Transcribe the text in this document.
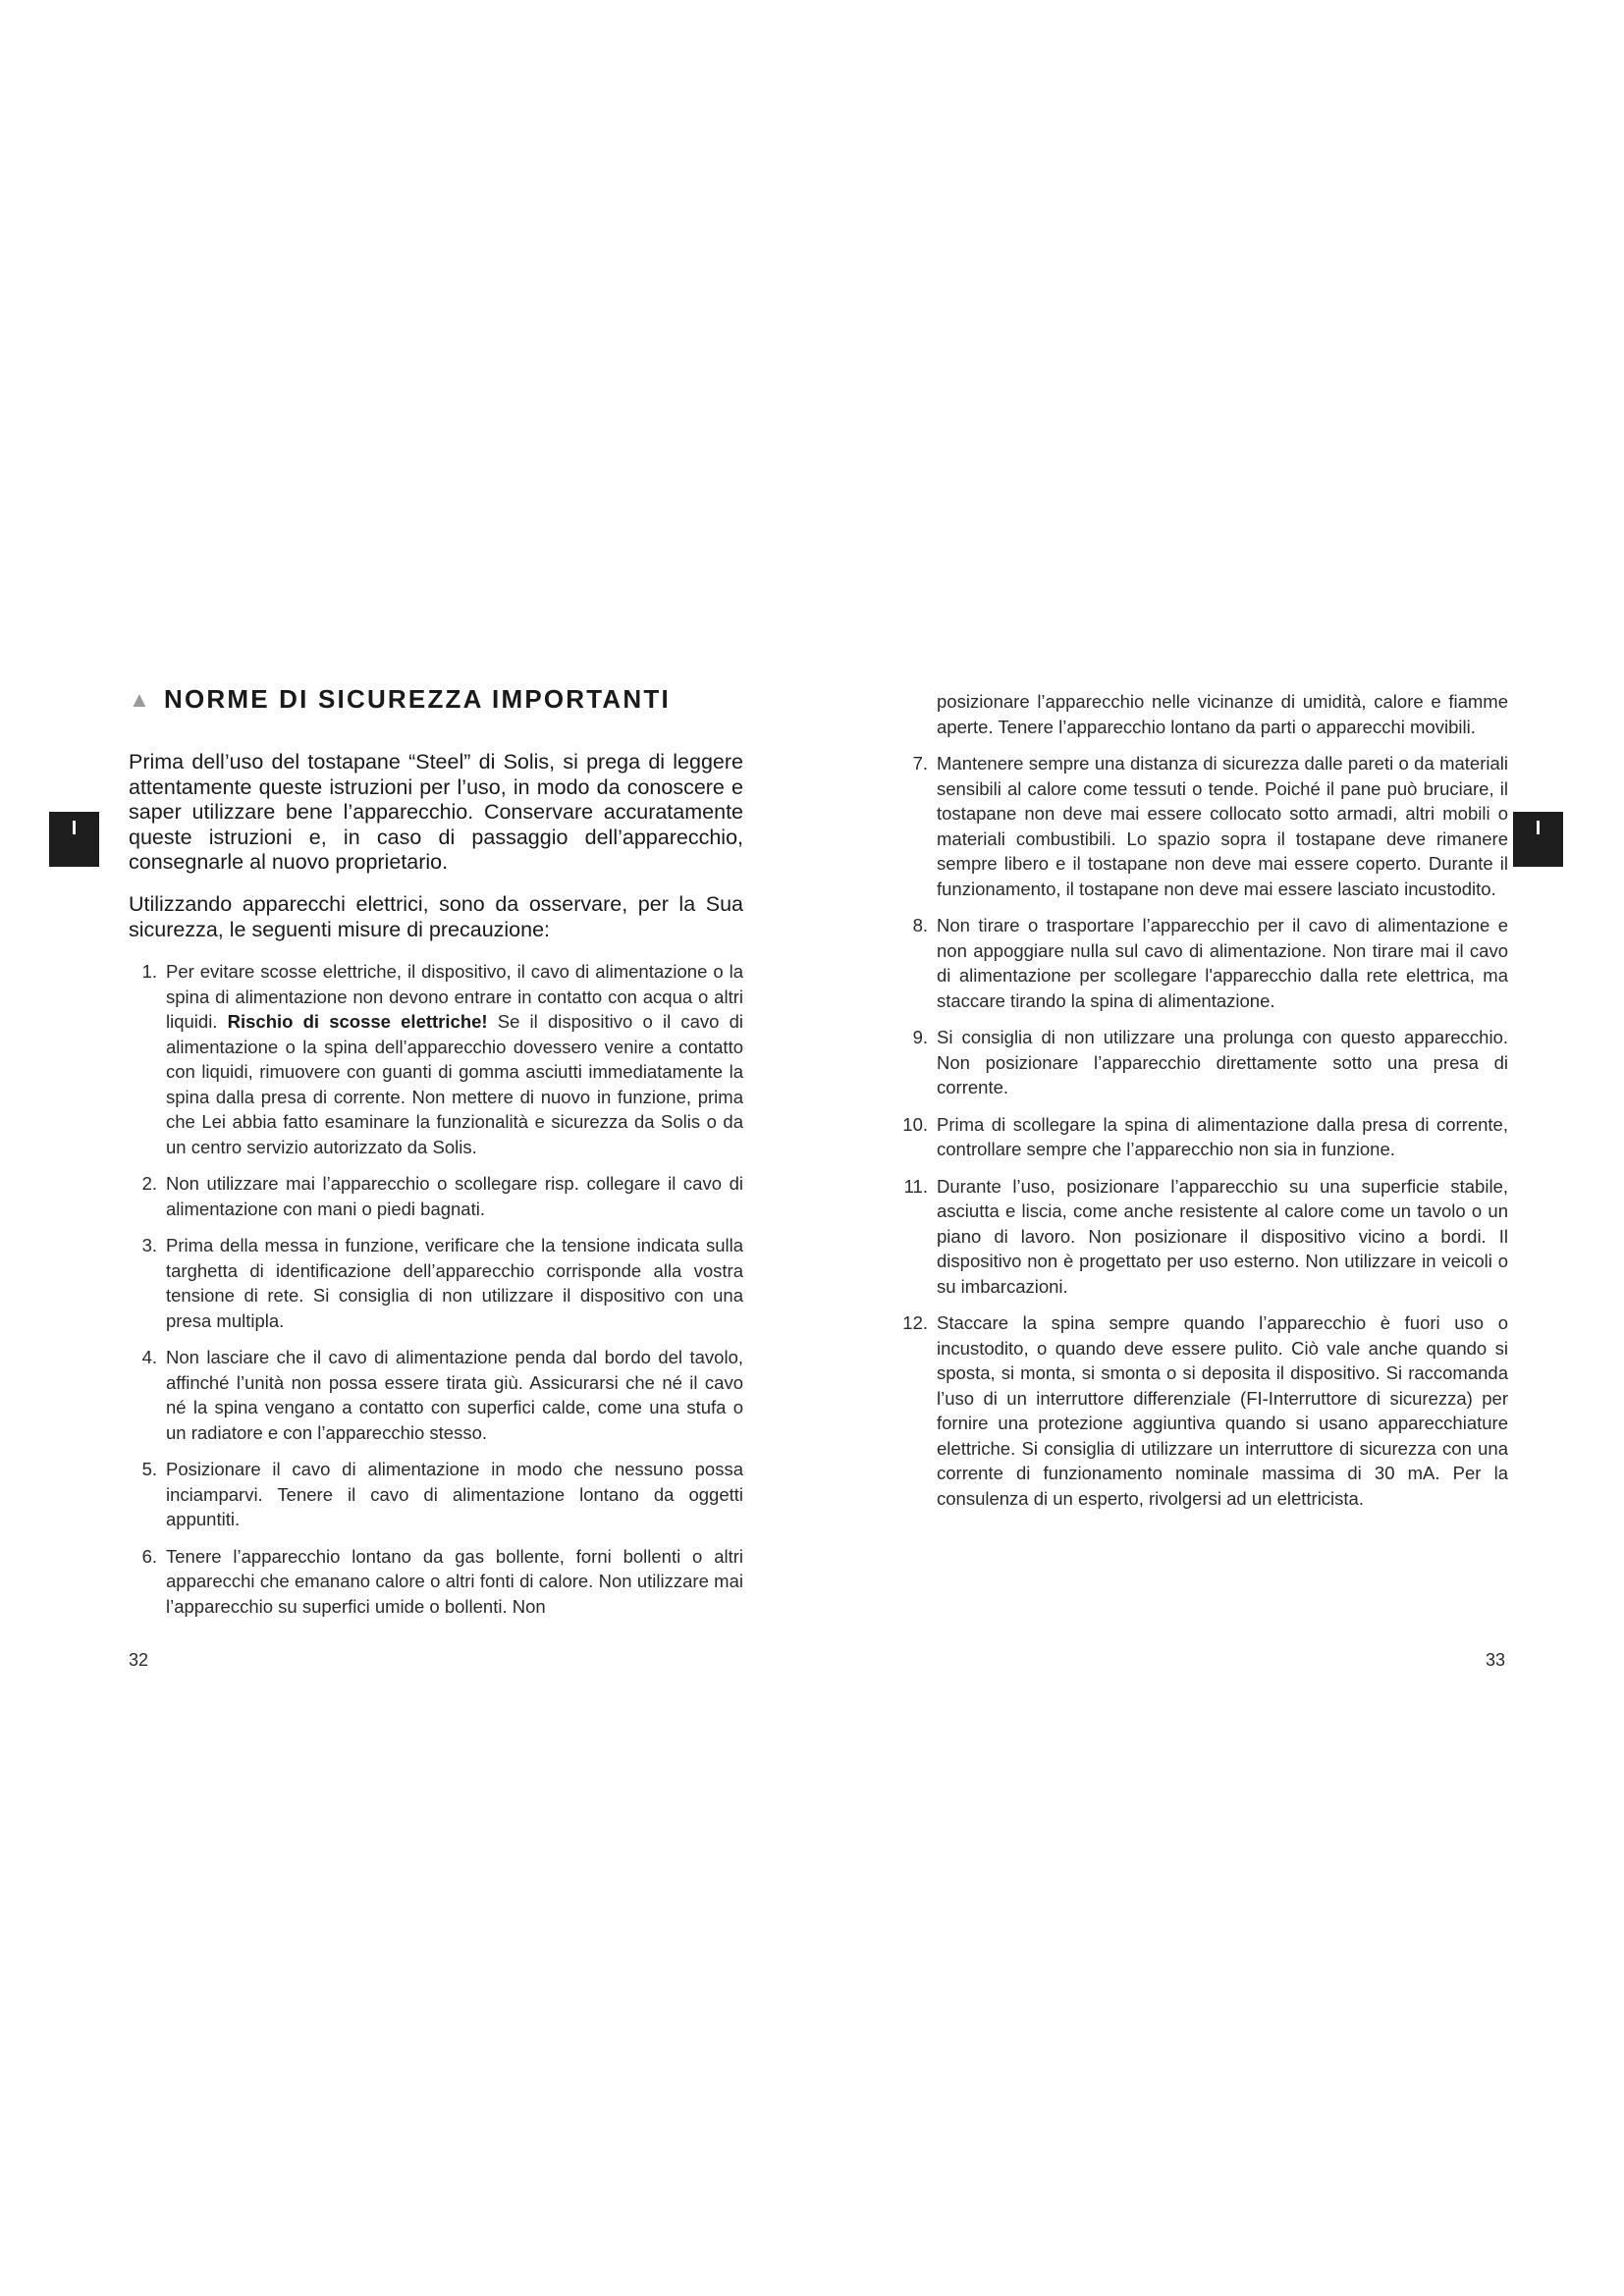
I	I
▲ NORME DI SICUREZZA IMPORTANTI

Prima dell’uso del tostapane “Steel” di Solis, si prega di leggere attentamente queste istruzioni per l’uso, in modo da conoscere e saper utilizzare bene l’apparecchio. Conservare accuratamente queste istruzioni e, in caso di passaggio dell’apparecchio, consegnarle al nuovo proprietario.

Utilizzando apparecchi elettrici, sono da osservare, per la Sua sicurezza, le seguenti misure di precauzione:

1. Per evitare scosse elettriche, il dispositivo, il cavo di alimentazione o la spina di alimentazione non devono entrare in contatto con acqua o altri liquidi. Rischio di scosse elettriche! Se il dispositivo o il cavo di alimentazione o la spina dell’apparecchio dovessero venire a contatto con liquidi, rimuovere con guanti di gomma asciutti immediatamente la spina dalla presa di corrente. Non mettere di nuovo in funzione, prima che Lei abbia fatto esaminare la funzionalità e sicurezza da Solis o da un centro servizio autorizzato da Solis.
2. Non utilizzare mai l’apparecchio o scollegare risp. collegare il cavo di alimentazione con mani o piedi bagnati.
3. Prima della messa in funzione, verificare che la tensione indicata sulla targhetta di identificazione dell’apparecchio corrisponde alla vostra tensione di rete. Si consiglia di non utilizzare il dispositivo con una presa multipla.
4. Non lasciare che il cavo di alimentazione penda dal bordo del tavolo, affinché l’unità non possa essere tirata giù. Assicurarsi che né il cavo né la spina vengano a contatto con superfici calde, come una stufa o un radiatore e con l’apparecchio stesso.
5. Posizionare il cavo di alimentazione in modo che nessuno possa inciamparvi. Tenere il cavo di alimentazione lontano da oggetti appuntiti.
6. Tenere l’apparecchio lontano da gas bollente, forni bollenti o altri apparecchi che emanano calore o altri fonti di calore. Non utilizzare mai l’apparecchio su superfici umide o bollenti. Non

posizionare l’apparecchio nelle vicinanze di umidità, calore e fiamme aperte. Tenere l’apparecchio lontano da parti o apparecchi movibili.

7. Mantenere sempre una distanza di sicurezza dalle pareti o da materiali sensibili al calore come tessuti o tende. Poiché il pane può bruciare, il tostapane non deve mai essere collocato sotto armadi, altri mobili o materiali combustibili. Lo spazio sopra il tostapane deve rimanere sempre libero e il tostapane non deve mai essere coperto. Durante il funzionamento, il tostapane non deve mai essere lasciato incustodito.
8. Non tirare o trasportare l’apparecchio per il cavo di alimentazione e non appoggiare nulla sul cavo di alimentazione. Non tirare mai il cavo di alimentazione per scollegare l'apparecchio dalla rete elettrica, ma staccare tirando la spina di alimentazione.
9. Si consiglia di non utilizzare una prolunga con questo apparecchio. Non posizionare l’apparecchio direttamente sotto una presa di corrente.
10. Prima di scollegare la spina di alimentazione dalla presa di corrente, controllare sempre che l’apparecchio non sia in funzione.
11. Durante l’uso, posizionare l’apparecchio su una superficie stabile, asciutta e liscia, come anche resistente al calore come un tavolo o un piano di lavoro. Non posizionare il dispositivo vicino a bordi. Il dispositivo non è progettato per uso esterno. Non utilizzare in veicoli o su imbarcazioni.
12. Staccare la spina sempre quando l’apparecchio è fuori uso o incustodito, o quando deve essere pulito. Ciò vale anche quando si sposta, si monta, si smonta o si deposita il dispositivo. Si raccomanda l’uso di un interruttore differenziale (FI-Interruttore di sicurezza) per fornire una protezione aggiuntiva quando si usano apparecchiature elettriche. Si consiglia di utilizzare un interruttore di sicurezza con una corrente di funzionamento nominale massima di 30 mA. Per la consulenza di un esperto, rivolgersi ad un elettricista.
32	33
